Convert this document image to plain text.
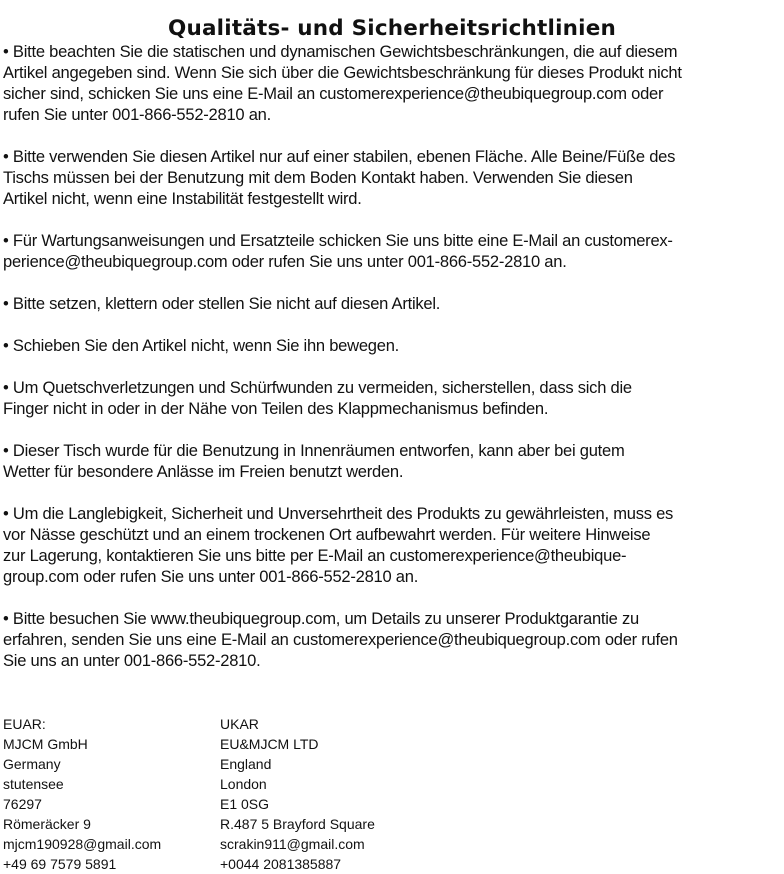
Qualitäts- und Sicherheitsrichtlinien
• Bitte beachten Sie die statischen und dynamischen Gewichtsbeschränkungen, die auf diesem
Artikel angegeben sind. Wenn Sie sich über die Gewichtsbeschränkung für dieses Produkt nicht
sicher sind, schicken Sie uns eine E-Mail an customerexperience@theubiquegroup.com oder
rufen Sie unter 001-866-552-2810 an.
• Bitte verwenden Sie diesen Artikel nur auf einer stabilen, ebenen Fläche. Alle Beine/Füße des
Tischs müssen bei der Benutzung mit dem Boden Kontakt haben. Verwenden Sie diesen
Artikel nicht, wenn eine Instabilität festgestellt wird.
• Für Wartungsanweisungen und Ersatzteile schicken Sie uns bitte eine E-Mail an customerex-
perience@theubiquegroup.com oder rufen Sie uns unter 001-866-552-2810 an.
• Bitte setzen, klettern oder stellen Sie nicht auf diesen Artikel.
• Schieben Sie den Artikel nicht, wenn Sie ihn bewegen.
• Um Quetschverletzungen und Schürfwunden zu vermeiden, sicherstellen, dass sich die
Finger nicht in oder in der Nähe von Teilen des Klappmechanismus befinden.
• Dieser Tisch wurde für die Benutzung in Innenräumen entworfen, kann aber bei gutem
Wetter für besondere Anlässe im Freien benutzt werden.
• Um die Langlebigkeit, Sicherheit und Unversehrtheit des Produkts zu gewährleisten, muss es
vor Nässe geschützt und an einem trockenen Ort aufbewahrt werden. Für weitere Hinweise
zur Lagerung, kontaktieren Sie uns bitte per E-Mail an customerexperience@theubique-
group.com oder rufen Sie uns unter 001-866-552-2810 an.
• Bitte besuchen Sie www.theubiquegroup.com, um Details zu unserer Produktgarantie zu
erfahren, senden Sie uns eine E-Mail an customerexperience@theubiquegroup.com oder rufen
Sie uns an unter 001-866-552-2810.
EUAR:
MJCM GmbH
Germany
stutensee
76297
Römeräcker 9
mjcm190928@gmail.com
+49 69 7579 5891
UKAR
EU&MJCM LTD
England
London
E1 0SG
R.487 5 Brayford Square
scrakin911@gmail.com
+0044 2081385887
